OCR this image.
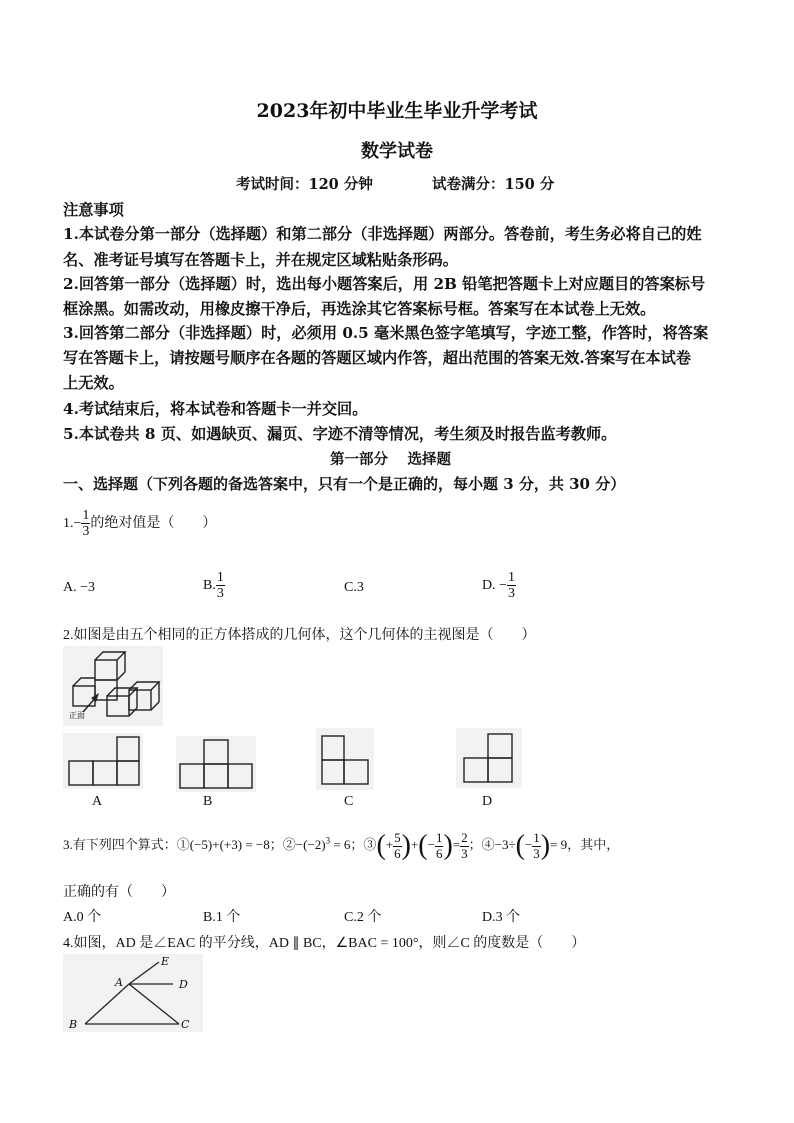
2023年初中毕业生毕业升学考试
数学试卷
考试时间：120 分钟	试卷满分：150 分
注意事项
1.本试卷分第一部分（选择题）和第二部分（非选择题）两部分。答卷前，考生务必将自己的姓
名、准考证号填写在答题卡上，并在规定区域粘贴条形码。
2.回答第一部分（选择题）时，选出每小题答案后，用 2B 铅笔把答题卡上对应题目的答案标号
框涂黑。如需改动，用橡皮擦干净后，再选涂其它答案标号框。答案写在本试卷上无效。
3.回答第二部分（非选择题）时，必须用 0.5 毫米黑色签字笔填写，字迹工整，作答时，将答案
写在答题卡上，请按题号顺序在各题的答题区域内作答，超出范围的答案无效.答案写在本试卷
上无效。
4.考试结束后，将本试卷和答题卡一并交回。
5.本试卷共 8 页、如遇缺页、漏页、字迹不清等情况，考生须及时报告监考教师。
第一部分　 选择题
一、选择题（下列各题的备选答案中，只有一个是正确的，每小题 3 分，共 30 分）
$1.- \frac{1}{3}$ 的绝对值是（　　）
A. −3	B. $\frac{1}{3}$	C.3	D. − $\frac{1}{3}$
2.如图是由五个相同的正方体搭成的几何体，这个几何体的主视图是（　　）
正面
A	B	C	D
3.有下列四个算式：①(−5)+(+3) = −8；$②-(-2)^3 = 6$；③(+ $\frac{5}{6}$ )+(− $\frac{1}{6}$ )= $\frac{2}{3}$ ；④−3÷(− $\frac{1}{3}$ )= 9，其中，
正确的有（　　）
A.0 个	B.1 个	C.2 个	D.3 个
4.如图，AD 是∠EAC 的平分线，AD ∥ BC，∠BAC = 100°，则∠C 的度数是（　　）
A
B	C
D
E
